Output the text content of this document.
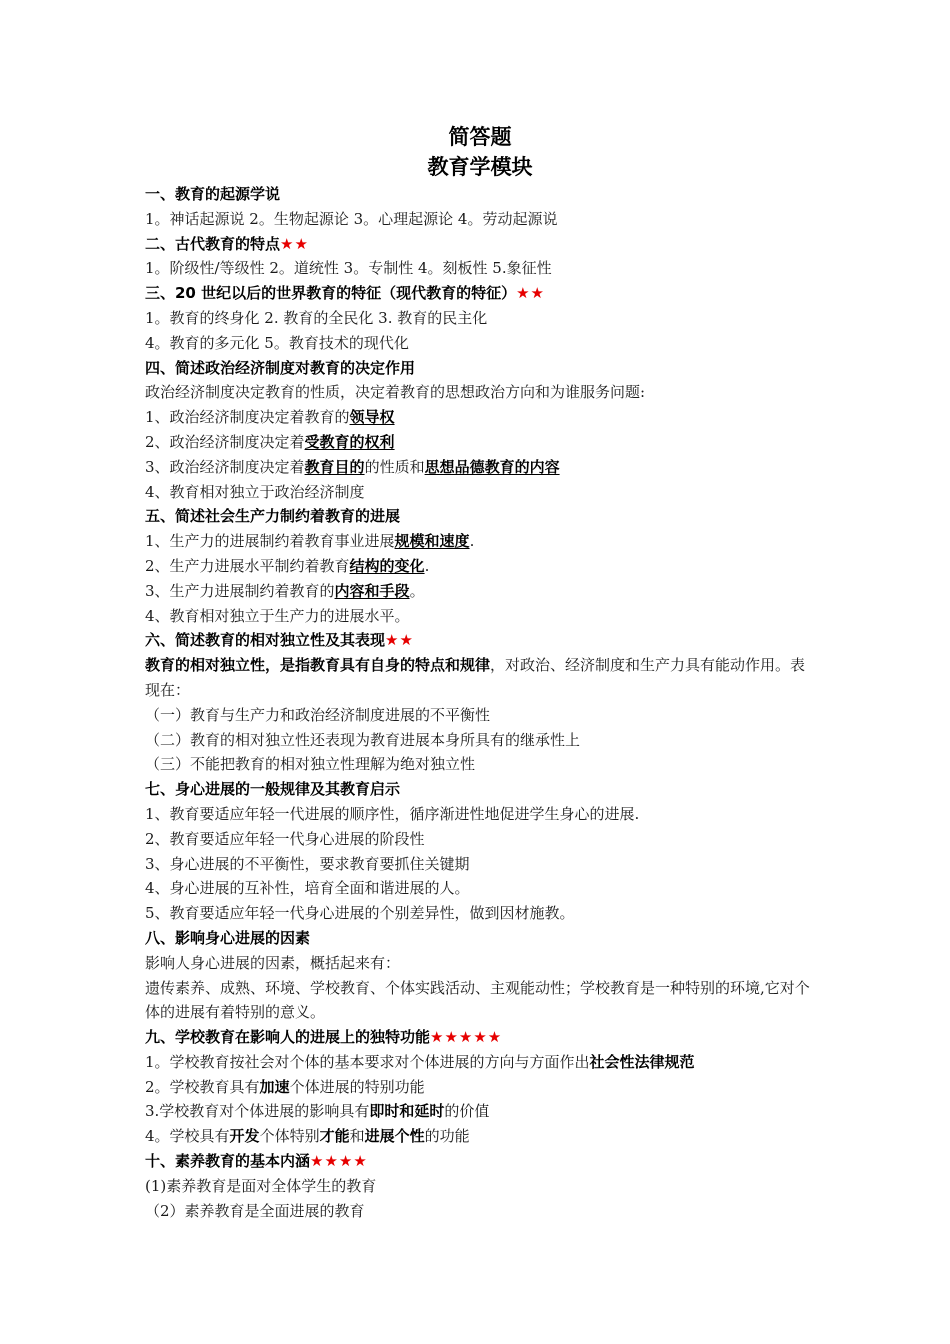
简答题
教育学模块
一、教育的起源学说
1。神话起源说 2。生物起源论 3。心理起源论 4。劳动起源说
二、古代教育的特点★★
1。阶级性/等级性 2。道统性 3。专制性 4。刻板性 5.象征性
三、20 世纪以后的世界教育的特征（现代教育的特征）★★
1。教育的终身化 2. 教育的全民化 3. 教育的民主化
4。教育的多元化 5。教育技术的现代化
四、简述政治经济制度对教育的决定作用
政治经济制度决定教育的性质，决定着教育的思想政治方向和为谁服务问题:
1、政治经济制度决定着教育的领导权
2、政治经济制度决定着受教育的权利
3、政治经济制度决定着教育目的的性质和思想品德教育的内容
4、教育相对独立于政治经济制度
五、简述社会生产力制约着教育的进展
1、生产力的进展制约着教育事业进展规模和速度.
2、生产力进展水平制约着教育结构的变化.
3、生产力进展制约着教育的内容和手段。
4、教育相对独立于生产力的进展水平。
六、简述教育的相对独立性及其表现★★
教育的相对独立性，是指教育具有自身的特点和规律，对政治、经济制度和生产力具有能动作用。表现在：
（一）教育与生产力和政治经济制度进展的不平衡性
（二）教育的相对独立性还表现为教育进展本身所具有的继承性上
（三）不能把教育的相对独立性理解为绝对独立性
七、身心进展的一般规律及其教育启示
1、教育要适应年轻一代进展的顺序性，循序渐进性地促进学生身心的进展.
2、教育要适应年轻一代身心进展的阶段性
3、身心进展的不平衡性，要求教育要抓住关键期
4、身心进展的互补性，培育全面和谐进展的人。
5、教育要适应年轻一代身心进展的个别差异性，做到因材施教。
八、影响身心进展的因素
影响人身心进展的因素，概括起来有：
遗传素养、成熟、环境、学校教育、个体实践活动、主观能动性；学校教育是一种特别的环境,它对个体的进展有着特别的意义。
九、学校教育在影响人的进展上的独特功能★★★★★
1。学校教育按社会对个体的基本要求对个体进展的方向与方面作出社会性法律规范
2。学校教育具有加速个体进展的特别功能
3.学校教育对个体进展的影响具有即时和延时的价值
4。学校具有开发个体特别才能和进展个性的功能
十、素养教育的基本内涵★★★★
(1)素养教育是面对全体学生的教育
（2）素养教育是全面进展的教育
